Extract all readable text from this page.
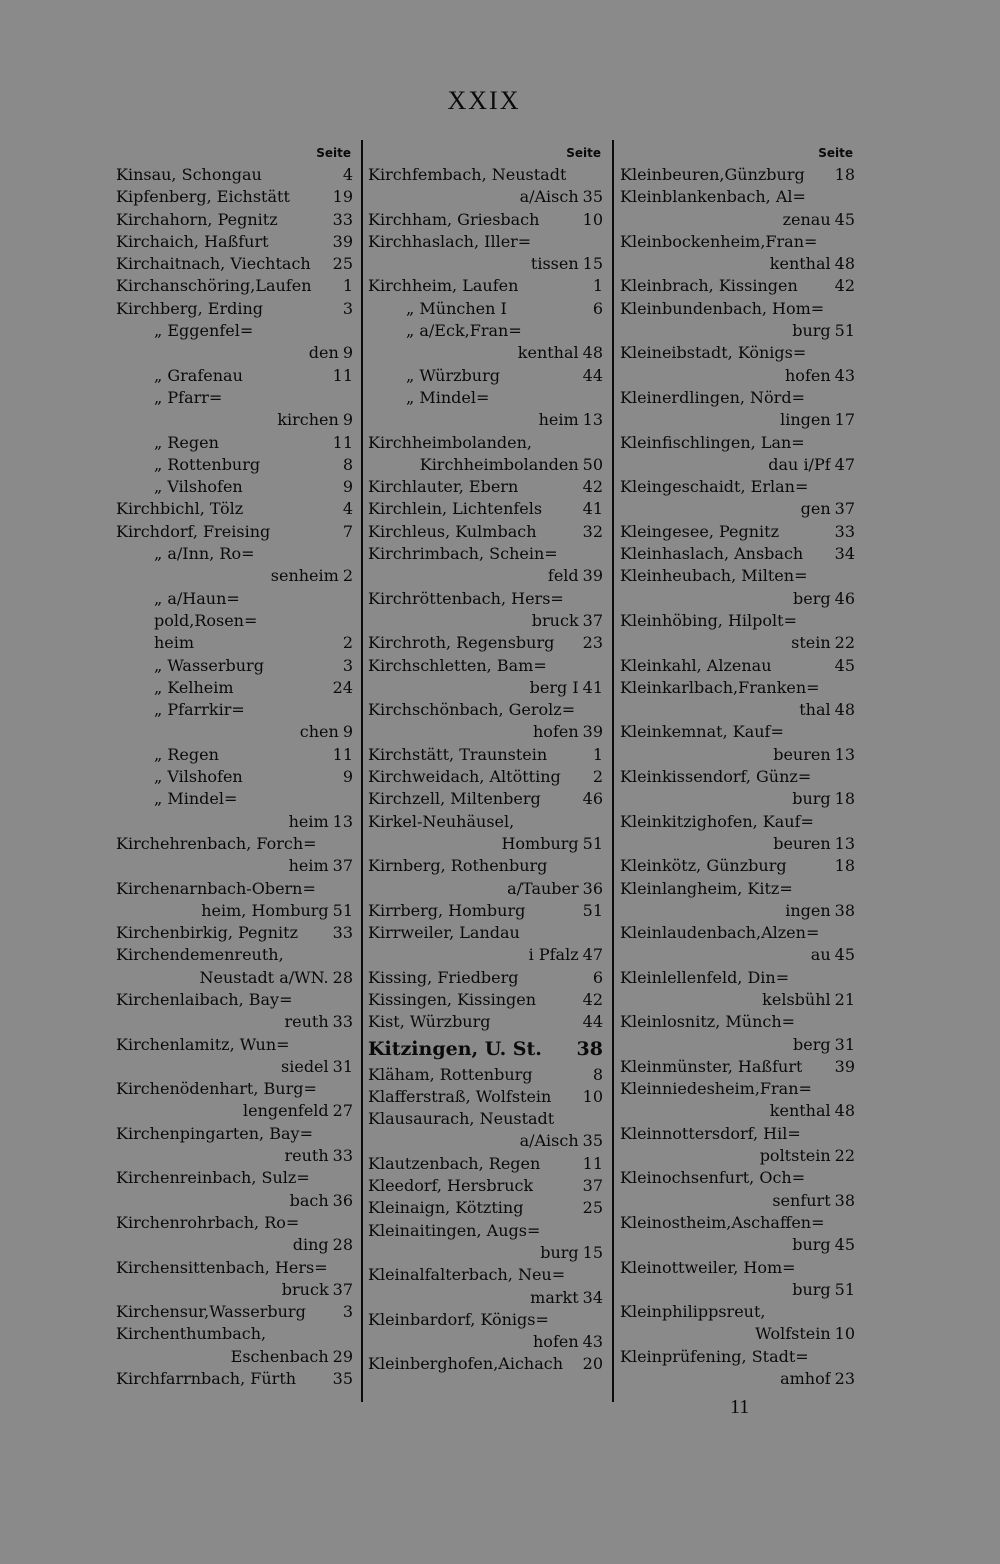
XXIX
Seite
Kinsau, Schongau	4
Kipfenberg, Eichstätt	19
Kirchahorn, Pegnitz	33
Kirchaich, Haßfurt	39
Kirchaitnach, Viechtach 25
Kirchanschöring,Laufen 1
Kirchberg, Erding	3
„ Eggenfel=
den 9
„ Grafenau	11
„ Pfarr=
kirchen 9
„ Regen	11
„ Rottenburg	8
„ Vilshofen	9
Kirchbichl, Tölz	4
Kirchdorf, Freising	7
„ a/Inn, Ro=
senheim 2
„ a/Haun=
pold,Rosen=
heim	2
„ Wasserburg	3
„ Kelheim	24
„ Pfarrkir=
chen 9
„ Regen	11
„ Vilshofen	9
„ Mindel=
heim 13
Kirchehrenbach, Forch=
heim 37
Kirchenarnbach-Obern=
heim, Homburg 51
Kirchenbirkig, Pegnitz 33
Kirchendemenreuth,
Neustadt a/WN. 28
Kirchenlaibach, Bay=
reuth 33
Kirchenlamitz, Wun=
siedel 31
Kirchenödenhart, Burg=
lengenfeld 27
Kirchenpingarten, Bay=
reuth 33
Kirchenreinbach, Sulz=
bach 36
Kirchenrohrbach, Ro=
ding 28
Kirchensittenbach, Hers=
bruck 37
Kirchensur,Wasserburg 3
Kirchenthumbach,
Eschenbach 29
Kirchfarrnbach, Fürth 35
Seite
Kirchfembach, Neustadt
a/Aisch 35
Kirchham, Griesbach	10
Kirchhaslach, Iller=
tissen 15
Kirchheim, Laufen	1
„ München I	6
„ a/Eck,Fran=
kenthal 48
„ Würzburg	44
„ Mindel=
heim 13
Kirchheimbolanden,
Kirchheimbolanden 50
Kirchlauter, Ebern	42
Kirchlein, Lichtenfels	41
Kirchleus, Kulmbach	32
Kirchrimbach, Schein=
feld 39
Kirchröttenbach, Hers=
bruck 37
Kirchroth, Regensburg 23
Kirchschletten, Bam=
berg I 41
Kirchschönbach, Gerolz=
hofen 39
Kirchstätt, Traunstein	1
Kirchweidach, Altötting 2
Kirchzell, Miltenberg	46
Kirkel-Neuhäusel,
Homburg 51
Kirnberg, Rothenburg
a/Tauber 36
Kirrberg, Homburg	51
Kirrweiler, Landau
i Pfalz 47
Kissing, Friedberg	6
Kissingen, Kissingen	42
Kist, Würzburg	44
Kitzingen, U. St. 38
Kläham, Rottenburg	8
Klafferstraß, Wolfstein 10
Klausaurach, Neustadt
a/Aisch 35
Klautzenbach, Regen	11
Kleedorf, Hersbruck	37
Kleinaign, Kötzting	25
Kleinaitingen, Augs=
burg 15
Kleinalfalterbach, Neu=
markt 34
Kleinbardorf, Königs=
hofen 43
Kleinberghofen,Aichach 20
Seite
Kleinbeuren,Günzburg 18
Kleinblankenbach, Al=
zenau 45
Kleinbockenheim,Fran=
kenthal 48
Kleinbrach, Kissingen 42
Kleinbundenbach, Hom=
burg 51
Kleineibstadt, Königs=
hofen 43
Kleinerdlingen, Nörd=
lingen 17
Kleinfischlingen, Lan=
dau i/Pf 47
Kleingeschaidt, Erlan=
gen 37
Kleingesee, Pegnitz	33
Kleinhaslach, Ansbach 34
Kleinheubach, Milten=
berg 46
Kleinhöbing, Hilpolt=
stein 22
Kleinkahl, Alzenau	45
Kleinkarlbach,Franken=
thal 48
Kleinkemnat, Kauf=
beuren 13
Kleinkissendorf, Günz=
burg 18
Kleinkitzighofen, Kauf=
beuren 13
Kleinkötz, Günzburg	18
Kleinlangheim, Kitz=
ingen 38
Kleinlaudenbach,Alzen=
au 45
Kleinlellenfeld, Din=
kelsbühl 21
Kleinlosnitz, Münch=
berg 31
Kleinmünster, Haßfurt 39
Kleinniedesheim,Fran=
kenthal 48
Kleinnottersdorf, Hil=
poltstein 22
Kleinochsenfurt, Och=
senfurt 38
Kleinostheim,Aschaffen=
burg 45
Kleinottweiler, Hom=
burg 51
Kleinphilippsreut,
Wolfstein 10
Kleinprüfening, Stadt=
amhof 23
11
